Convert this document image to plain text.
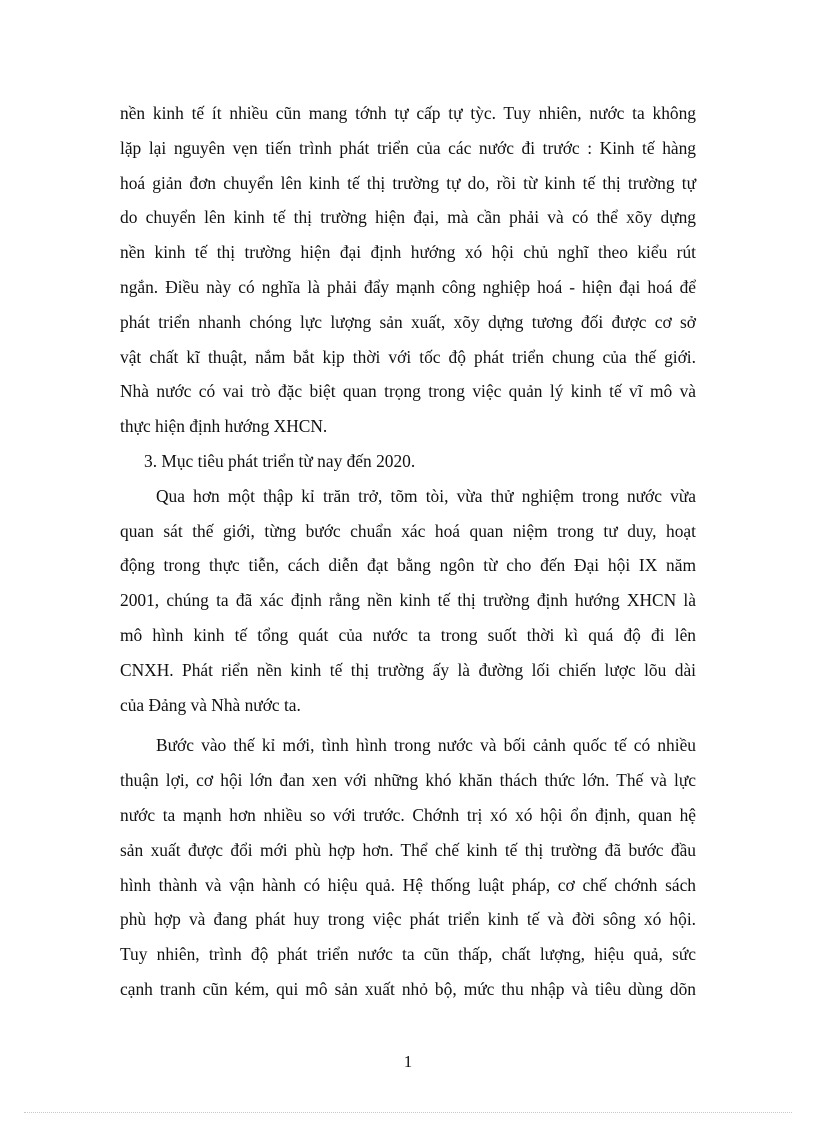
nền kinh tế ít nhiều cũn mang tớnh tự cấp tự tỳc. Tuy nhiên, nước ta không
lặp lại nguyên vẹn tiến trình phát triển của các nước đi trước : Kinh tế hàng
hoá giản đơn chuyển lên kinh tế thị trường tự do, rồi từ kinh tế thị trường tự
do chuyển lên kinh tế thị trường hiện đại, mà cần phải và có thể xõy dựng
nền kinh tế thị trường hiện đại định hướng xó hội chủ nghĩ theo kiểu rút
ngắn. Điều này có nghĩa là phải đẩy mạnh công nghiệp hoá - hiện đại hoá để
phát triển nhanh chóng lực lượng sản xuất, xõy dựng tương đối được cơ sở
vật chất kĩ thuật, nắm bắt kịp thời với tốc độ phát triển chung của thế giới.
Nhà nước có vai trò đặc biệt quan trọng trong việc quản lý kinh tế vĩ mô và
thực hiện định hướng XHCN.

3. Mục tiêu phát triển từ nay đến 2020.

Qua hơn một thập kỉ trăn trở, tõm tòi, vừa thử nghiệm trong nước vừa
quan sát thế giới, từng bước chuẩn xác hoá quan niệm trong tư duy, hoạt
động trong thực tiễn, cách diễn đạt bằng ngôn từ cho đến Đại hội IX năm
2001, chúng ta đã xác định rằng nền kinh tế thị trường định hướng XHCN là
mô hình kinh tế tổng quát của nước ta trong suốt thời kì quá độ đi lên
CNXH. Phát riển nền kinh tế thị trường ấy là đường lối chiến lược lõu dài
của Đảng và Nhà nước ta.

Bước vào thế kỉ mới, tình hình trong nước và bối cảnh quốc tế có nhiều
thuận lợi, cơ hội lớn đan xen với những khó khăn thách thức lớn. Thế và lực
nước ta mạnh hơn nhiều so với trước. Chớnh trị xó xó hội ổn định, quan hệ
sản xuất được đổi mới phù hợp hơn. Thể chế kinh tế thị trường đã bước đầu
hình thành và vận hành có hiệu quả. Hệ thống luật pháp, cơ chế chớnh sách
phù hợp và đang phát huy trong việc phát triển kinh tế và đời sông xó hội.
Tuy nhiên, trình độ phát triển nước ta cũn thấp, chất lượng, hiệu quả, sức
cạnh tranh cũn kém, qui mô sản xuất nhỏ bộ, mức thu nhập và tiêu dùng dõn

1
